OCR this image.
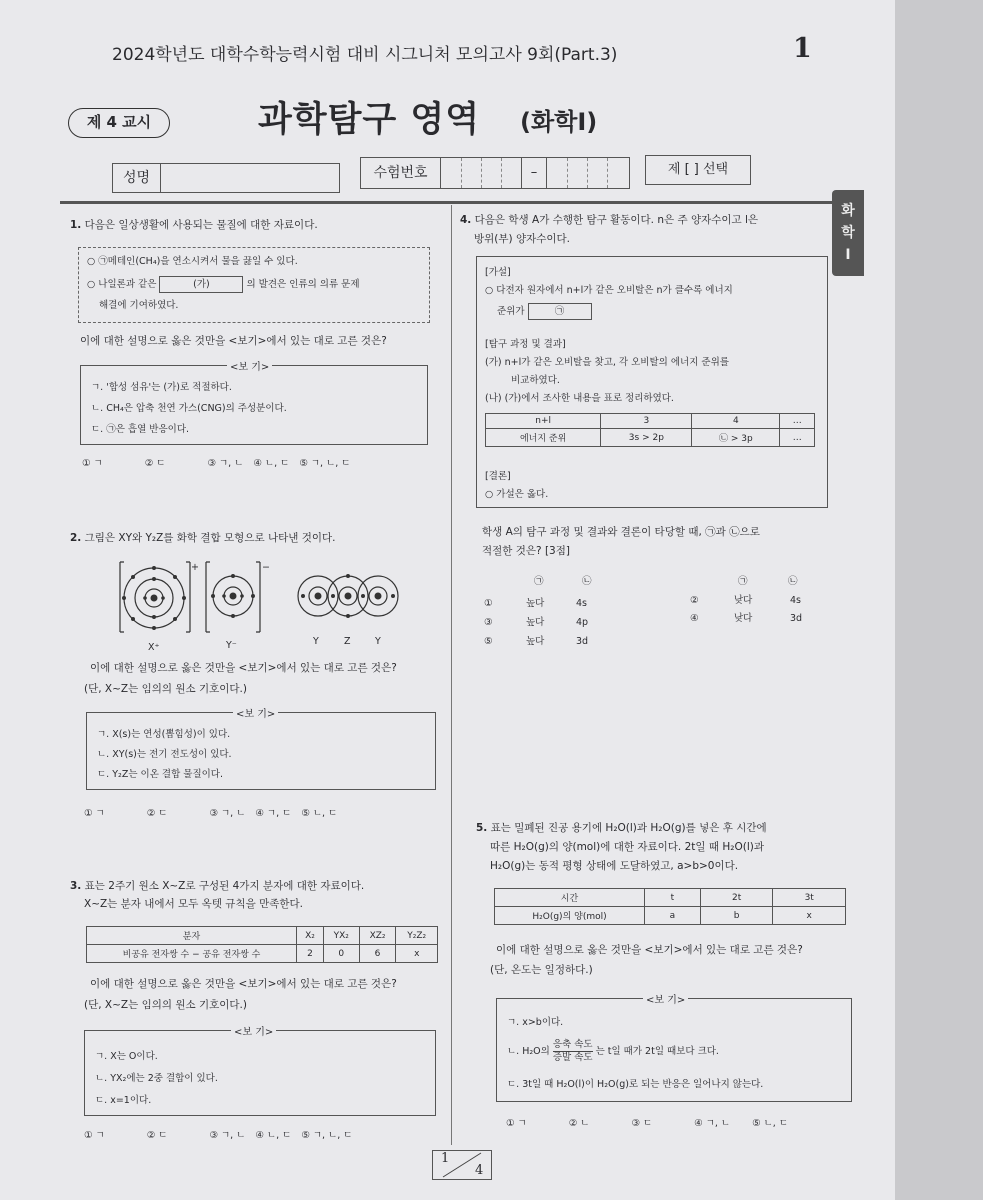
2024학년도 대학수학능력시험 대비 시그니처 모의고사 9회(Part.3)	1
제 4 교시	과학탐구 영역 (화학Ⅰ)
성명	수험번호	–	제 [ ] 선택
화학Ⅰ
1. 다음은 일상생활에 사용되는 물질에 대한 자료이다.
○ ㉠메테인(CH₄)을 연소시켜서 물을 끓일 수 있다.
○ 나일론과 같은	(가)	의 발견은 인류의 의류 문제
해결에 기여하였다.
이에 대한 설명으로 옳은 것만을 <보기>에서 있는 대로 고른 것은?
<보 기>
ㄱ. '합성 섬유'는 (가)로 적절하다.
ㄴ. CH₄은 압축 천연 가스(CNG)의 주성분이다.
ㄷ. ㉠은 흡열 반응이다.
① ㄱ	② ㄷ	③ ㄱ, ㄴ ④ ㄴ, ㄷ ⑤ ㄱ, ㄴ, ㄷ
2. 그림은 XY와 Y₂Z를 화학 결합 모형으로 나타낸 것이다.
+	−
X⁺	Y⁻	Y	Z	Y
이에 대한 설명으로 옳은 것만을 <보기>에서 있는 대로 고른 것은?
(단, X~Z는 임의의 원소 기호이다.)
<보 기>
ㄱ. X(s)는 연성(뽑힘성)이 있다.
ㄴ. XY(s)는 전기 전도성이 있다.
ㄷ. Y₂Z는 이온 결합 물질이다.
① ㄱ	② ㄷ	③ ㄱ, ㄴ ④ ㄱ, ㄷ ⑤ ㄴ, ㄷ
3. 표는 2주기 원소 X~Z로 구성된 4가지 분자에 대한 자료이다.
X~Z는 분자 내에서 모두 옥텟 규칙을 만족한다.
분자	X₂	YX₂	XZ₂	Y₂Z₂
비공유 전자쌍 수 − 공유 전자쌍 수	2	0	6	x
이에 대한 설명으로 옳은 것만을 <보기>에서 있는 대로 고른 것은?
(단, X~Z는 임의의 원소 기호이다.)
<보 기>
ㄱ. X는 O이다.
ㄴ. YX₂에는 2중 결합이 있다.
ㄷ. x=1이다.
① ㄱ	② ㄷ	③ ㄱ, ㄴ ④ ㄴ, ㄷ ⑤ ㄱ, ㄴ, ㄷ
4. 다음은 학생 A가 수행한 탐구 활동이다. n은 주 양자수이고 l은
방위(부) 양자수이다.
[가설]
○ 다전자 원자에서 n+l가 같은 오비탈은 n가 클수록 에너지
준위가	㉠
[탐구 과정 및 결과]
(가) n+l가 같은 오비탈을 찾고, 각 오비탈의 에너지 준위를
비교하였다.
(나) (가)에서 조사한 내용을 표로 정리하였다.
n+l	3	4	…
에너지 준위	3s > 2p	㉡ > 3p	…
[결론]
○ 가설은 옳다.
학생 A의 탐구 과정 및 결과와 결론이 타당할 때, ㉠과 ㉡으로
적절한 것은? [3점]
㉠	㉡	㉠	㉡
①	높다	4s	②	낮다	4s
③	높다	4p	④	낮다	3d
⑤	높다	3d
5. 표는 밀폐된 진공 용기에 H₂O(l)과 H₂O(g)를 넣은 후 시간에
따른 H₂O(g)의 양(mol)에 대한 자료이다. 2t일 때 H₂O(l)과
H₂O(g)는 동적 평형 상태에 도달하였고, a>b>0이다.
시간	t	2t	3t
H₂O(g)의 양(mol)	a	b	x
이에 대한 설명으로 옳은 것만을 <보기>에서 있는 대로 고른 것은?
(단, 온도는 일정하다.)
<보 기>
ㄱ. x>b이다.
ㄴ. H₂O의
응축 속도
증발 속도
는 t일 때가 2t일 때보다 크다.
ㄷ. 3t일 때 H₂O(l)이 H₂O(g)로 되는 반응은 일어나지 않는다.
① ㄱ	② ㄴ	③ ㄷ	④ ㄱ, ㄴ ⑤ ㄴ, ㄷ
1
4
